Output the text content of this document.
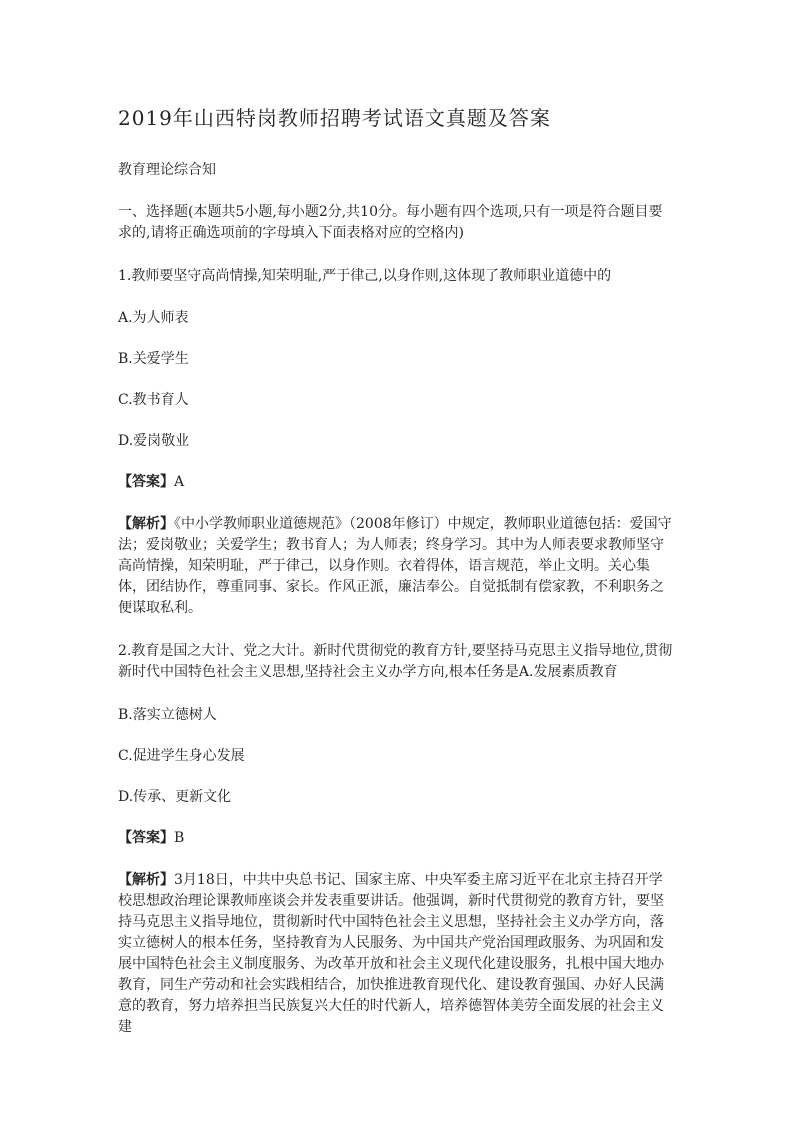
2019年山西特岗教师招聘考试语文真题及答案

教育理论综合知

一、选择题(本题共5小题,每小题2分,共10分。每小题有四个选项,只有一项是符合题目要求的,请将正确选项前的字母填入下面表格对应的空格内)

1.教师要坚守高尚情操,知荣明耻,严于律己,以身作则,这体现了教师职业道德中的

A.为人师表

B.关爱学生

C.教书育人

D.爱岗敬业

【答案】A

【解析】《中小学教师职业道德规范》（2008年修订）中规定，教师职业道德包括：爱国守法；爱岗敬业；关爱学生；教书育人；为人师表；终身学习。其中为人师表要求教师坚守高尚情操，知荣明耻，严于律己，以身作则。衣着得体，语言规范，举止文明。关心集体，团结协作，尊重同事、家长。作风正派，廉洁奉公。自觉抵制有偿家教，不利职务之便谋取私利。

2.教育是国之大计、党之大计。新时代贯彻党的教育方针,要坚持马克思主义指导地位,贯彻新时代中国特色社会主义思想,坚持社会主义办学方向,根本任务是A.发展素质教育

B.落实立德树人

C.促进学生身心发展

D.传承、更新文化

【答案】B

【解析】3月18日，中共中央总书记、国家主席、中央军委主席习近平在北京主持召开学校思想政治理论课教师座谈会并发表重要讲话。他强调，新时代贯彻党的教育方针，要坚持马克思主义指导地位，贯彻新时代中国特色社会主义思想，坚持社会主义办学方向，落实立德树人的根本任务，坚持教育为人民服务、为中国共产党治国理政服务、为巩固和发展中国特色社会主义制度服务、为改革开放和社会主义现代化建设服务，扎根中国大地办教育，同生产劳动和社会实践相结合，加快推进教育现代化、建设教育强国、办好人民满意的教育，努力培养担当民族复兴大任的时代新人，培养德智体美劳全面发展的社会主义建
